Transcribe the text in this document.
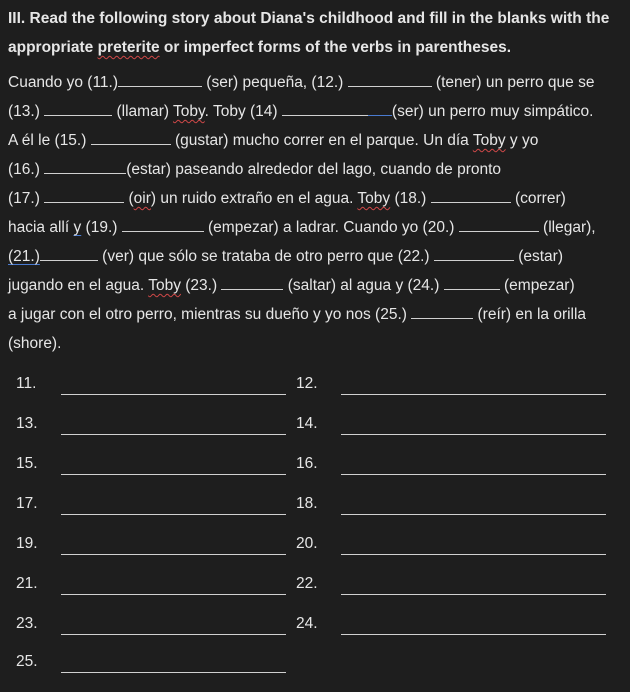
III. Read the following story about Diana's childhood and fill in the blanks with the
appropriate preterite or imperfect forms of the verbs in parentheses.
Cuando yo (11.)	(ser) pequeña, (12.)	(tener) un perro que se
(13.)	(llamar) Toby. Toby (14)	(ser) un perro muy simpático.
A él le (15.)	(gustar) mucho correr en el parque. Un día Toby y yo
(16.)	(estar) paseando alrededor del lago, cuando de pronto
(17.)	(oir) un ruido extraño en el agua. Toby (18.)	(correr)
hacia allí y (19.)	(empezar) a ladrar. Cuando yo (20.)	(llegar),
(21.)	(ver) que sólo se trataba de otro perro que (22.)	(estar)
jugando en el agua. Toby (23.)	(saltar) al agua y (24.)	(empezar)
a jugar con el otro perro, mientras su dueño y yo nos (25.)	(reír) en la orilla
(shore).
11.	12.
13.	14.
15.	16.
17.	18.
19.	20.
21.	22.
23.	24.
25.
